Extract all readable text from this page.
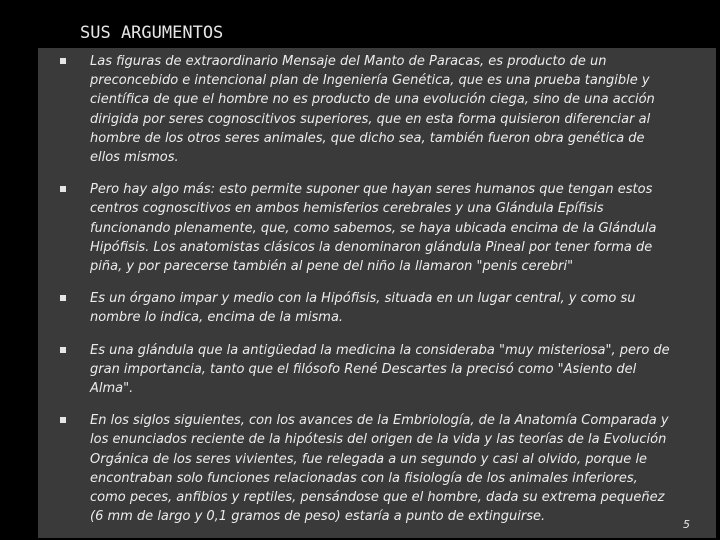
SUS ARGUMENTOS
Las figuras de extraordinario Mensaje del Manto de Paracas, es producto de un preconcebido e intencional plan de Ingeniería Genética, que es una prueba tangible y científica de que el hombre no es producto de una evolución ciega, sino de una acción dirigida por seres cognoscitivos superiores, que en esta forma quisieron diferenciar al hombre de los otros seres animales, que dicho sea, también fueron obra genética de ellos mismos.
Pero hay algo más: esto permite suponer que hayan seres humanos que tengan estos centros cognoscitivos en ambos hemisferios cerebrales y una Glándula Epífisis funcionando plenamente, que, como sabemos, se haya ubicada encima de la Glándula Hipófisis. Los anatomistas clásicos la denominaron glándula Pineal por tener forma de piña, y por parecerse también al pene del niño la llamaron "penis cerebri"
Es un órgano impar y medio con la Hipófisis, situada en un lugar central, y como su nombre lo indica, encima de la misma.
Es una glándula que la antigüedad la medicina la consideraba "muy misteriosa", pero de gran importancia, tanto que el filósofo René Descartes la precisó como "Asiento del Alma".
En los siglos siguientes, con los avances de la Embriología, de la Anatomía Comparada y los enunciados reciente de la hipótesis del origen de la vida y las teorías de la Evolución Orgánica de los seres vivientes, fue relegada a un segundo y casi al olvido, porque le encontraban solo funciones relacionadas con la fisiología de los animales inferiores, como peces, anfibios y reptiles, pensándose que el hombre, dada su extrema pequeñez (6 mm de largo y 0,1 gramos de peso) estaría a punto de extinguirse.
5
